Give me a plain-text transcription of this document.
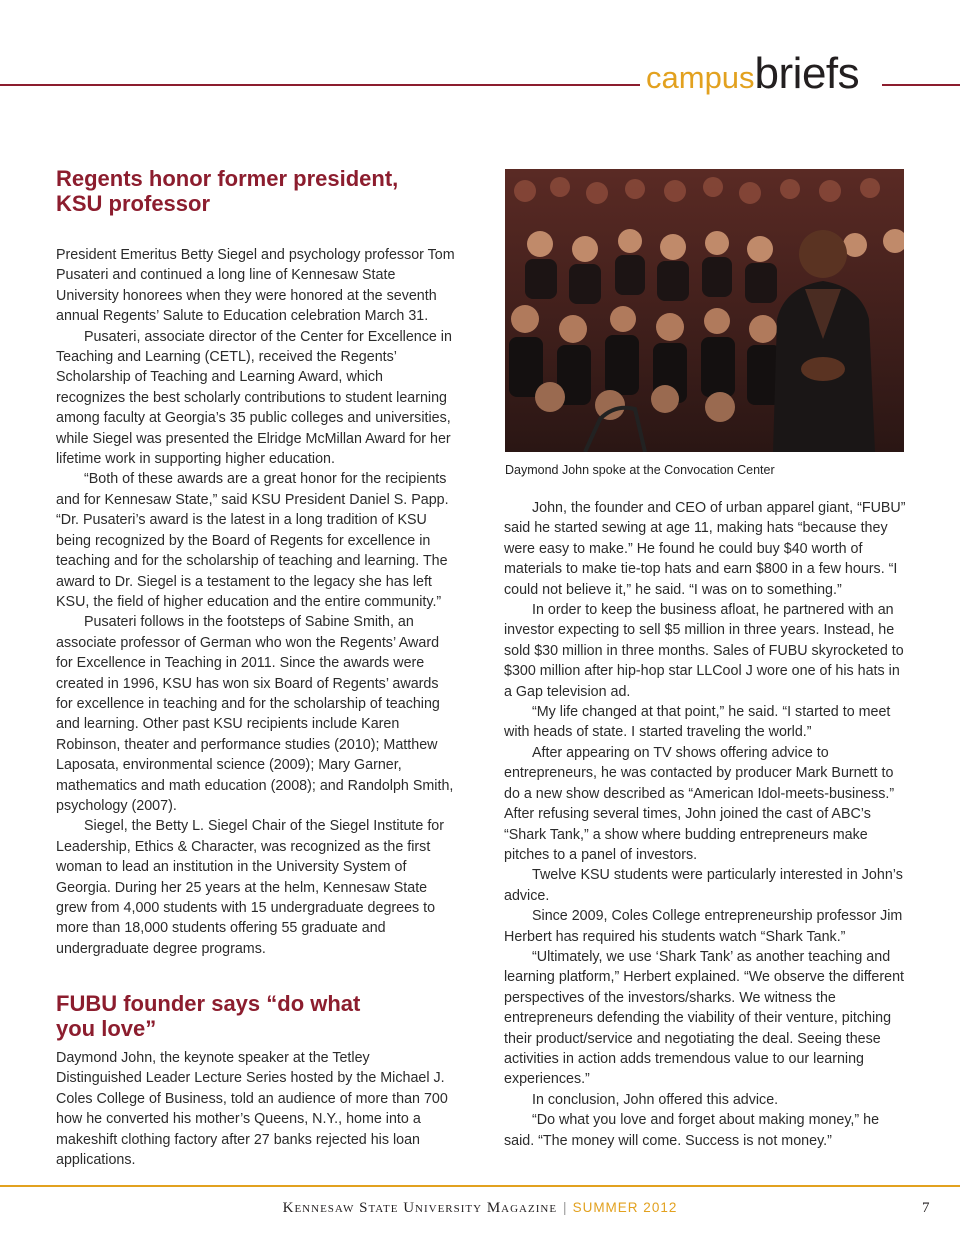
campusbriefs
Regents honor former president,
KSU professor

President Emeritus Betty Siegel and psychology professor Tom Pusateri and continued a long line of Kennesaw State University honorees when they were honored at the seventh annual Regents’ Salute to Education celebration March 31.

Pusateri, associate director of the Center for Excellence in Teaching and Learning (CETL), received the Regents’ Scholarship of Teaching and Learning Award, which recognizes the best scholarly contributions to student learning among faculty at Georgia’s 35 public colleges and universities, while Siegel was presented the Elridge McMillan Award for her lifetime work in supporting higher education.

“Both of these awards are a great honor for the recipients and for Kennesaw State,” said KSU President Daniel S. Papp. “Dr. Pusateri’s award is the latest in a long tradition of KSU being recognized by the Board of Regents for excellence in teaching and for the scholarship of teaching and learning. The award to Dr. Siegel is a testament to the legacy she has left KSU, the field of higher education and the entire community.”

Pusateri follows in the footsteps of Sabine Smith, an associate professor of German who won the Regents’ Award for Excellence in Teaching in 2011. Since the awards were created in 1996, KSU has won six Board of Regents’ awards for excellence in teaching and for the scholarship of teaching and learning. Other past KSU recipients include Karen Robinson, theater and performance studies (2010); Matthew Laposata, environmental science (2009); Mary Garner, mathematics and math education (2008); and Randolph Smith, psychology (2007).

Siegel, the Betty L. Siegel Chair of the Siegel Institute for Leadership, Ethics & Character, was recognized as the first woman to lead an institution in the University System of Georgia. During her 25 years at the helm, Kennesaw State grew from 4,000 students with 15 undergraduate degrees to more than 18,000 students offering 55 graduate and undergraduate degree programs.

FUBU founder says “do what
you love”

Daymond John, the keynote speaker at the Tetley Distinguished Leader Lecture Series hosted by the Michael J. Coles College of Business, told an audience of more than 700 how he converted his mother’s Queens, N.Y., home into a makeshift clothing factory after 27 banks rejected his loan applications.

Daymond John spoke at the Convocation Center

John, the founder and CEO of urban apparel giant, “FUBU” said he started sewing at age 11, making hats “because they were easy to make.” He found he could buy $40 worth of materials to make tie-top hats and earn $800 in a few hours. “I could not believe it,” he said. “I was on to something.”

In order to keep the business afloat, he partnered with an investor expecting to sell $5 million in three years. Instead, he sold $30 million in three months. Sales of FUBU skyrocketed to $300 million after hip-hop star LLCool J wore one of his hats in a Gap television ad.

“My life changed at that point,” he said. “I started to meet with heads of state. I started traveling the world.”

After appearing on TV shows offering advice to entrepreneurs, he was contacted by producer Mark Burnett to do a new show described as “American Idol-meets-business.” After refusing several times, John joined the cast of ABC’s “Shark Tank,” a show where budding entrepreneurs make pitches to a panel of investors.

Twelve KSU students were particularly interested in John’s advice.

Since 2009, Coles College entrepreneurship professor Jim Herbert has required his students watch “Shark Tank.”

“Ultimately, we use ‘Shark Tank’ as another teaching and learning platform,” Herbert explained. “We observe the different perspectives of the investors/sharks. We witness the entrepreneurs defending the viability of their venture, pitching their product/service and negotiating the deal. Seeing these activities in action adds tremendous value to our learning experiences.”

In conclusion, John offered this advice.

“Do what you love and forget about making money,” he said. “The money will come. Success is not money.”

Kennesaw State University Magazine | SUMMER 2012	7
